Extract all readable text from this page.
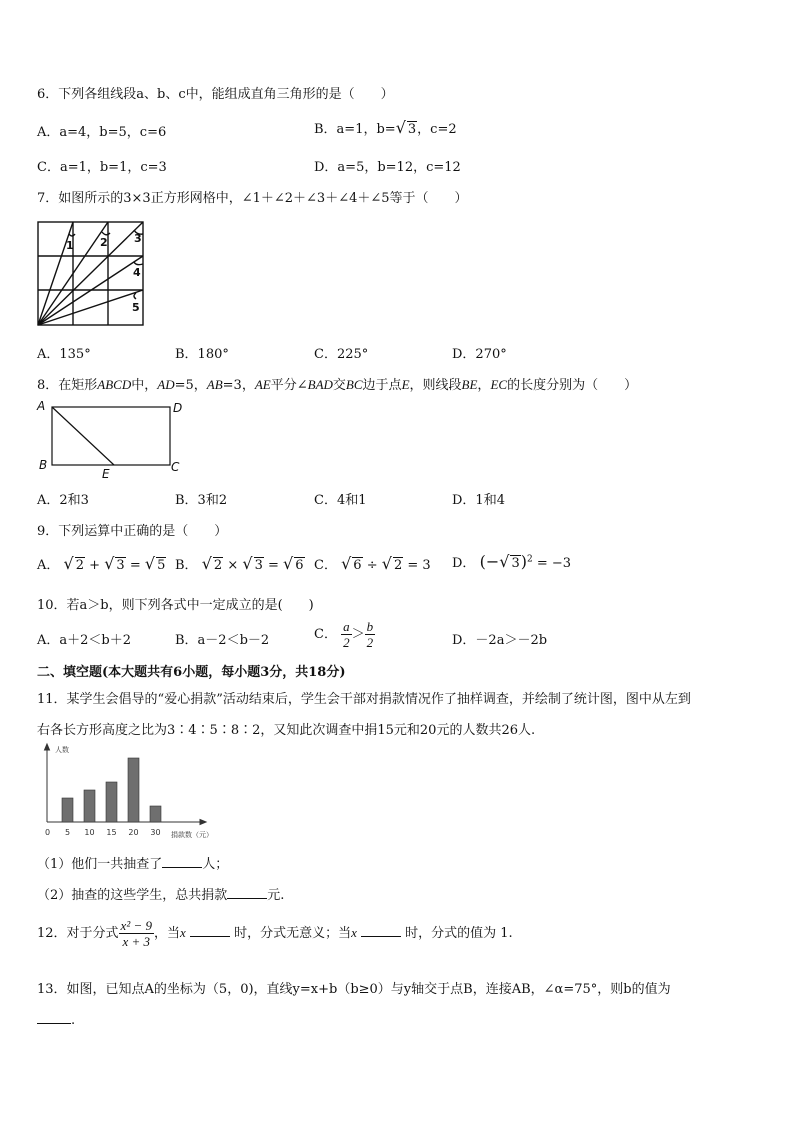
6．下列各组线段a、b、c中，能组成直角三角形的是（　　）
A．a=4，b=5，c=6	B．a=1，b=√ 3，c=2
C．a=1，b=1，c=3	D．a=5，b=12，c=12
7．如图所示的3×3正方形网格中，∠1＋∠2＋∠3＋∠4＋∠5等于（　　）
1 2 3
4
5
A．135°	B．180°	C．225°	D．270°
8．在矩形ABCD中，AD=5，AB=3，AE平分∠BAD交BC边于点E，则线段BE，EC的长度分别为（　　）
A	D
B
E	C
A．2和3	B．3和2	C．4和1	D．1和4
9．下列运算中正确的是（　　）
A． √ 2 + √ 3 = √ 5 B． √ 2 × √ 3 = √ 6 C． √ 6 ÷ √ 2 = 3 D． (−√ 3)$^2$ = −3
10．若a＞b，则下列各式中一定成立的是(　　)
A．a＋2＜b＋2	B．a－2＜b－2	C． $\frac{a}{2} > \frac{b}{2}$	D．－2a＞－2b
二、填空题(本大题共有6小题，每小题3分，共18分)
11．某学生会倡导的“爱心捐款”活动结束后，学生会干部对捐款情况作了抽样调查，并绘制了统计图，图中从左到
右各长方形高度之比为3∶4∶5∶8∶2，又知此次调查中捐15元和20元的人数共26人.
人数
0	捐款数（元）
5 10 15 20 30
（1）他们一共抽查了	人；
（2）抽查的这些学生，总共捐款	元.
12．对于分式 $\frac{\text{x² − 9}}{x + 3}$ ，当x	时，分式无意义；当x	时，分式的值为 1.
13．如图，已知点A的坐标为（5，0)，直线y=x+b（b≥0）与y轴交于点B，连接AB，∠α=75°，则b的值为
.
